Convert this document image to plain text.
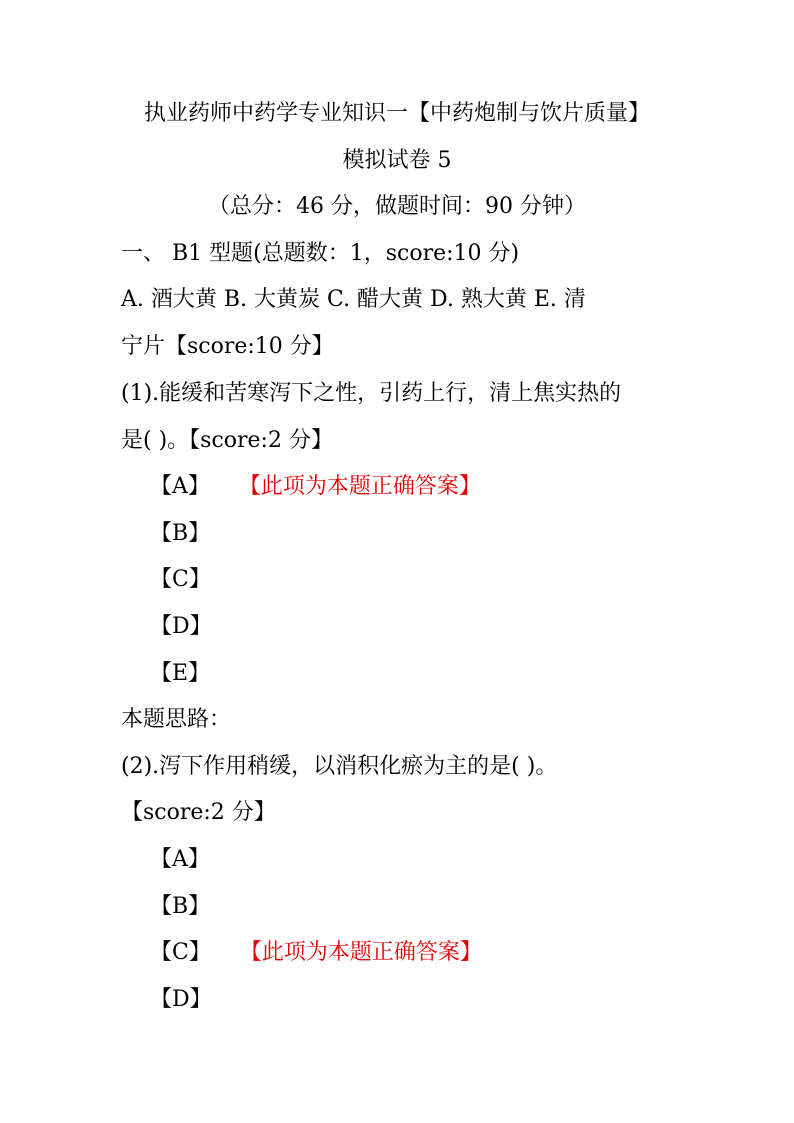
执业药师中药学专业知识一【中药炮制与饮片质量】
模拟试卷 5
（总分：46 分，做题时间：90 分钟）
一、 B1 型题(总题数：1，score:10 分)
A. 酒大黄 B. 大黄炭 C. 醋大黄 D. 熟大黄 E. 清
宁片【score:10 分】
(1).能缓和苦寒泻下之性，引药上行，清上焦实热的
是( )。【score:2 分】
【A】 【此项为本题正确答案】
【B】
【C】
【D】
【E】
本题思路：
(2).泻下作用稍缓，以消积化瘀为主的是( )。
【score:2 分】
【A】
【B】
【C】 【此项为本题正确答案】
【D】
